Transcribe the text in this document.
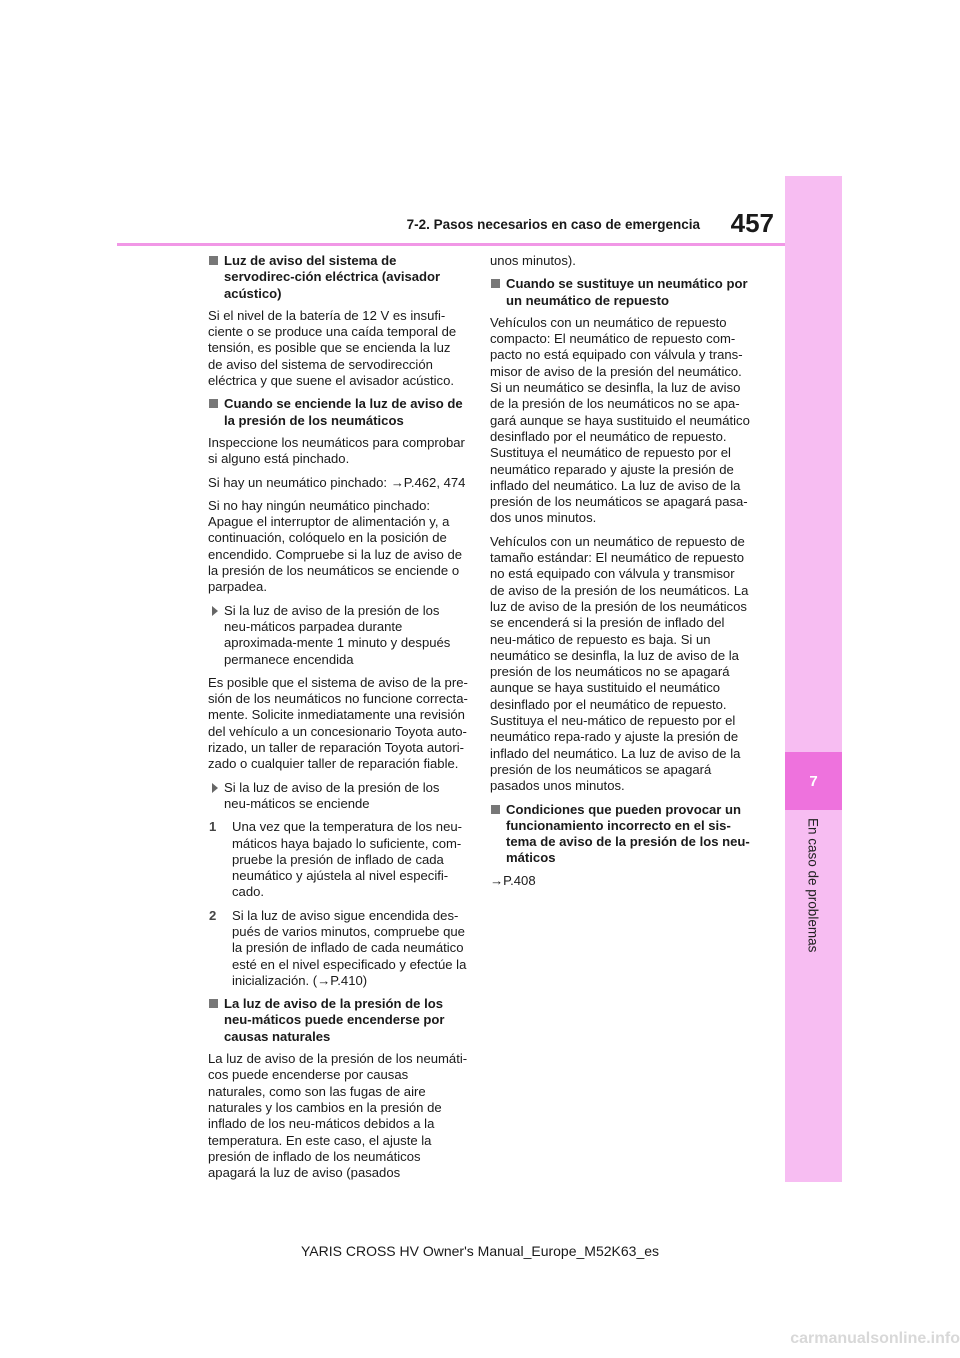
7
En caso de problemas
7-2. Pasos necesarios en caso de emergencia	457
Luz de aviso del sistema de servodirec-ción eléctrica (avisador acústico)

Si el nivel de la batería de 12 V es insufi-ciente o se produce una caída temporal de tensión, es posible que se encienda la luz de aviso del sistema de servodirección eléctrica y que suene el avisador acústico.

Cuando se enciende la luz de aviso de la presión de los neumáticos

Inspeccione los neumáticos para comprobar si alguno está pinchado.

Si hay un neumático pinchado: →P.462, 474

Si no hay ningún neumático pinchado: Apague el interruptor de alimentación y, a continuación, colóquelo en la posición de encendido. Compruebe si la luz de aviso de la presión de los neumáticos se enciende o parpadea.

Si la luz de aviso de la presión de los neu-máticos parpadea durante aproximada-mente 1 minuto y después permanece encendida

Es posible que el sistema de aviso de la pre-sión de los neumáticos no funcione correcta-mente. Solicite inmediatamente una revisión del vehículo a un concesionario Toyota auto-rizado, un taller de reparación Toyota autori-zado o cualquier taller de reparación fiable.

Si la luz de aviso de la presión de los neu-máticos se enciende
1 Una vez que la temperatura de los neu-máticos haya bajado lo suficiente, com-pruebe la presión de inflado de cada neumático y ajústela al nivel especifi-cado.
2 Si la luz de aviso sigue encendida des-pués de varios minutos, compruebe que la presión de inflado de cada neumático esté en el nivel especificado y efectúe la inicialización. (→P.410)
La luz de aviso de la presión de los neu-máticos puede encenderse por causas naturales

La luz de aviso de la presión de los neumáti-cos puede encenderse por causas naturales, como son las fugas de aire naturales y los cambios en la presión de inflado de los neu-máticos debidos a la temperatura. En este caso, el ajuste la presión de inflado de los neumáticos apagará la luz de aviso (pasados

unos minutos).

Cuando se sustituye un neumático por un neumático de repuesto

Vehículos con un neumático de repuesto compacto: El neumático de repuesto com-pacto no está equipado con válvula y trans-misor de aviso de la presión del neumático. Si un neumático se desinfla, la luz de aviso de la presión de los neumáticos no se apa-gará aunque se haya sustituido el neumático desinflado por el neumático de repuesto. Sustituya el neumático de repuesto por el neumático reparado y ajuste la presión de inflado del neumático. La luz de aviso de la presión de los neumáticos se apagará pasa-dos unos minutos.

Vehículos con un neumático de repuesto de tamaño estándar: El neumático de repuesto no está equipado con válvula y transmisor de aviso de la presión de los neumáticos. La luz de aviso de la presión de los neumáticos se encenderá si la presión de inflado del neu-mático de repuesto es baja. Si un neumático se desinfla, la luz de aviso de la presión de los neumáticos no se apagará aunque se haya sustituido el neumático desinflado por el neumático de repuesto. Sustituya el neu-mático de repuesto por el neumático repa-rado y ajuste la presión de inflado del neumático. La luz de aviso de la presión de los neumáticos se apagará pasados unos minutos.

Condiciones que pueden provocar un funcionamiento incorrecto en el sis-tema de aviso de la presión de los neu-máticos

→P.408

YARIS CROSS HV Owner's Manual_Europe_M52K63_es
carmanualsonline.info
